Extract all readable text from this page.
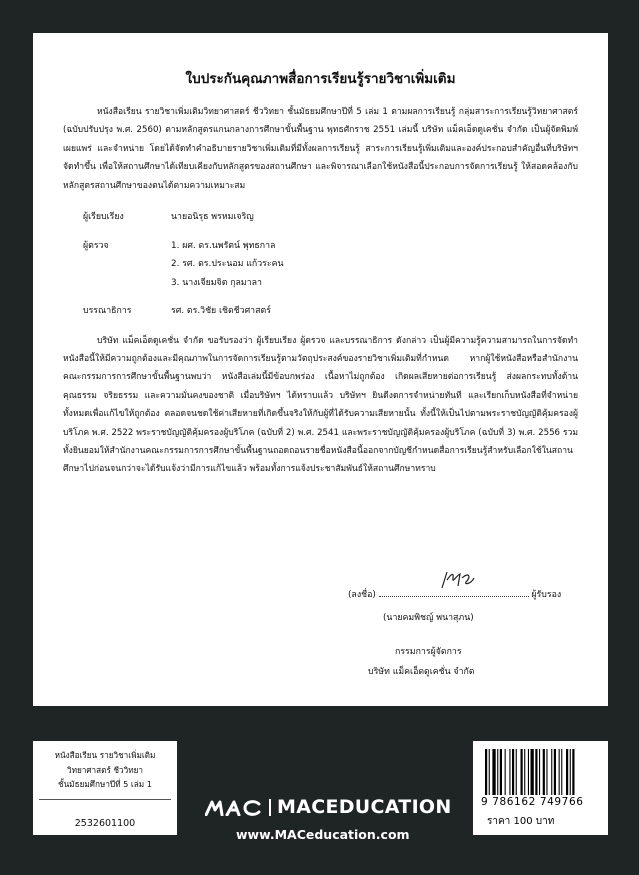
ใบประกันคุณภาพสื่อการเรียนรู้รายวิชาเพิ่มเติม

หนังสือเรียน รายวิชาเพิ่มเติมวิทยาศาสตร์ ชีววิทยา ชั้นมัธยมศึกษาปีที่ 5 เล่ม 1 ตามผลการเรียนรู้ กลุ่มสาระการเรียนรู้วิทยาศาสตร์ (ฉบับปรับปรุง พ.ศ. 2560) ตามหลักสูตรแกนกลางการศึกษาขั้นพื้นฐาน พุทธศักราช 2551 เล่มนี้ บริษัท แม็คเอ็ดดูเคชั่น จำกัด เป็นผู้จัดพิมพ์เผยแพร่ และจำหน่าย โดยได้จัดทำคำอธิบายรายวิชาเพิ่มเติมที่มีทั้งผลการเรียนรู้ สาระการเรียนรู้เพิ่มเติมและองค์ประกอบสำคัญอื่นที่บริษัทฯ จัดทำขึ้น เพื่อให้สถานศึกษาได้เทียบเคียงกับหลักสูตรของสถานศึกษา และพิจารณาเลือกใช้หนังสือนี้ประกอบการจัดการเรียนรู้ ให้สอดคล้องกับหลักสูตรสถานศึกษาของตนได้ตามความเหมาะสม

ผู้เรียบเรียง	นายอนิรุธ พรหมเจริญ
ผู้ตรวจ	1. ผศ. ดร.นพรัตน์ พุทธกาล
2. รศ. ดร.ประนอม แก้วระคน
3. นางเจียมจิต กุลมาลา
บรรณาธิการ	รศ. ดร.วิชัย เชิดชีวศาสตร์

บริษัท แม็คเอ็ดดูเคชั่น จำกัด ขอรับรองว่า ผู้เรียบเรียง ผู้ตรวจ และบรรณาธิการ ดังกล่าว เป็นผู้มีความรู้ความสามารถในการจัดทำหนังสือนี้ให้มีความถูกต้องและมีคุณภาพในการจัดการเรียนรู้ตามวัตถุประสงค์ของรายวิชาเพิ่มเติมที่กำหนด หากผู้ใช้หนังสือหรือสำนักงานคณะกรรมการการศึกษาขั้นพื้นฐานพบว่า หนังสือเล่มนี้มีข้อบกพร่อง เนื้อหาไม่ถูกต้อง เกิดผลเสียหายต่อการเรียนรู้ ส่งผลกระทบทั้งด้านคุณธรรม จริยธรรม และความมั่นคงของชาติ เมื่อบริษัทฯ ได้ทราบแล้ว บริษัทฯ ยินดีงดการจำหน่ายทันที และเรียกเก็บหนังสือที่จำหน่ายทั้งหมดเพื่อแก้ไขให้ถูกต้อง ตลอดจนชดใช้ค่าเสียหายที่เกิดขึ้นจริงให้กับผู้ที่ได้รับความเสียหายนั้น ทั้งนี้ให้เป็นไปตามพระราชบัญญัติคุ้มครองผู้บริโภค พ.ศ. 2522 พระราชบัญญัติคุ้มครองผู้บริโภค (ฉบับที่ 2) พ.ศ. 2541 และพระราชบัญญัติคุ้มครองผู้บริโภค (ฉบับที่ 3) พ.ศ. 2556 รวมทั้งยินยอมให้สำนักงานคณะกรรมการการศึกษาขั้นพื้นฐานถอดถอนรายชื่อหนังสือนี้ออกจากบัญชีกำหนดสื่อการเรียนรู้สำหรับเลือกใช้ในสถานศึกษาไปก่อนจนกว่าจะได้รับแจ้งว่ามีการแก้ไขแล้ว พร้อมทั้งการแจ้งประชาสัมพันธ์ให้สถานศึกษาทราบ

(ลงชื่อ)	ผู้รับรอง
(นายคมพิชญ์ พนาสุภน)
กรรมการผู้จัดการ
บริษัท แม็คเอ็ดดูเคชั่น จำกัด
หนังสือเรียน รายวิชาเพิ่มเติม
วิทยาศาสตร์ ชีววิทยา
ชั้นมัธยมศึกษาปีที่ 5 เล่ม 1
2532601100
MACEDUCATION
www.MACeducation.com
9 786162 749766
ราคา 100 บาท
